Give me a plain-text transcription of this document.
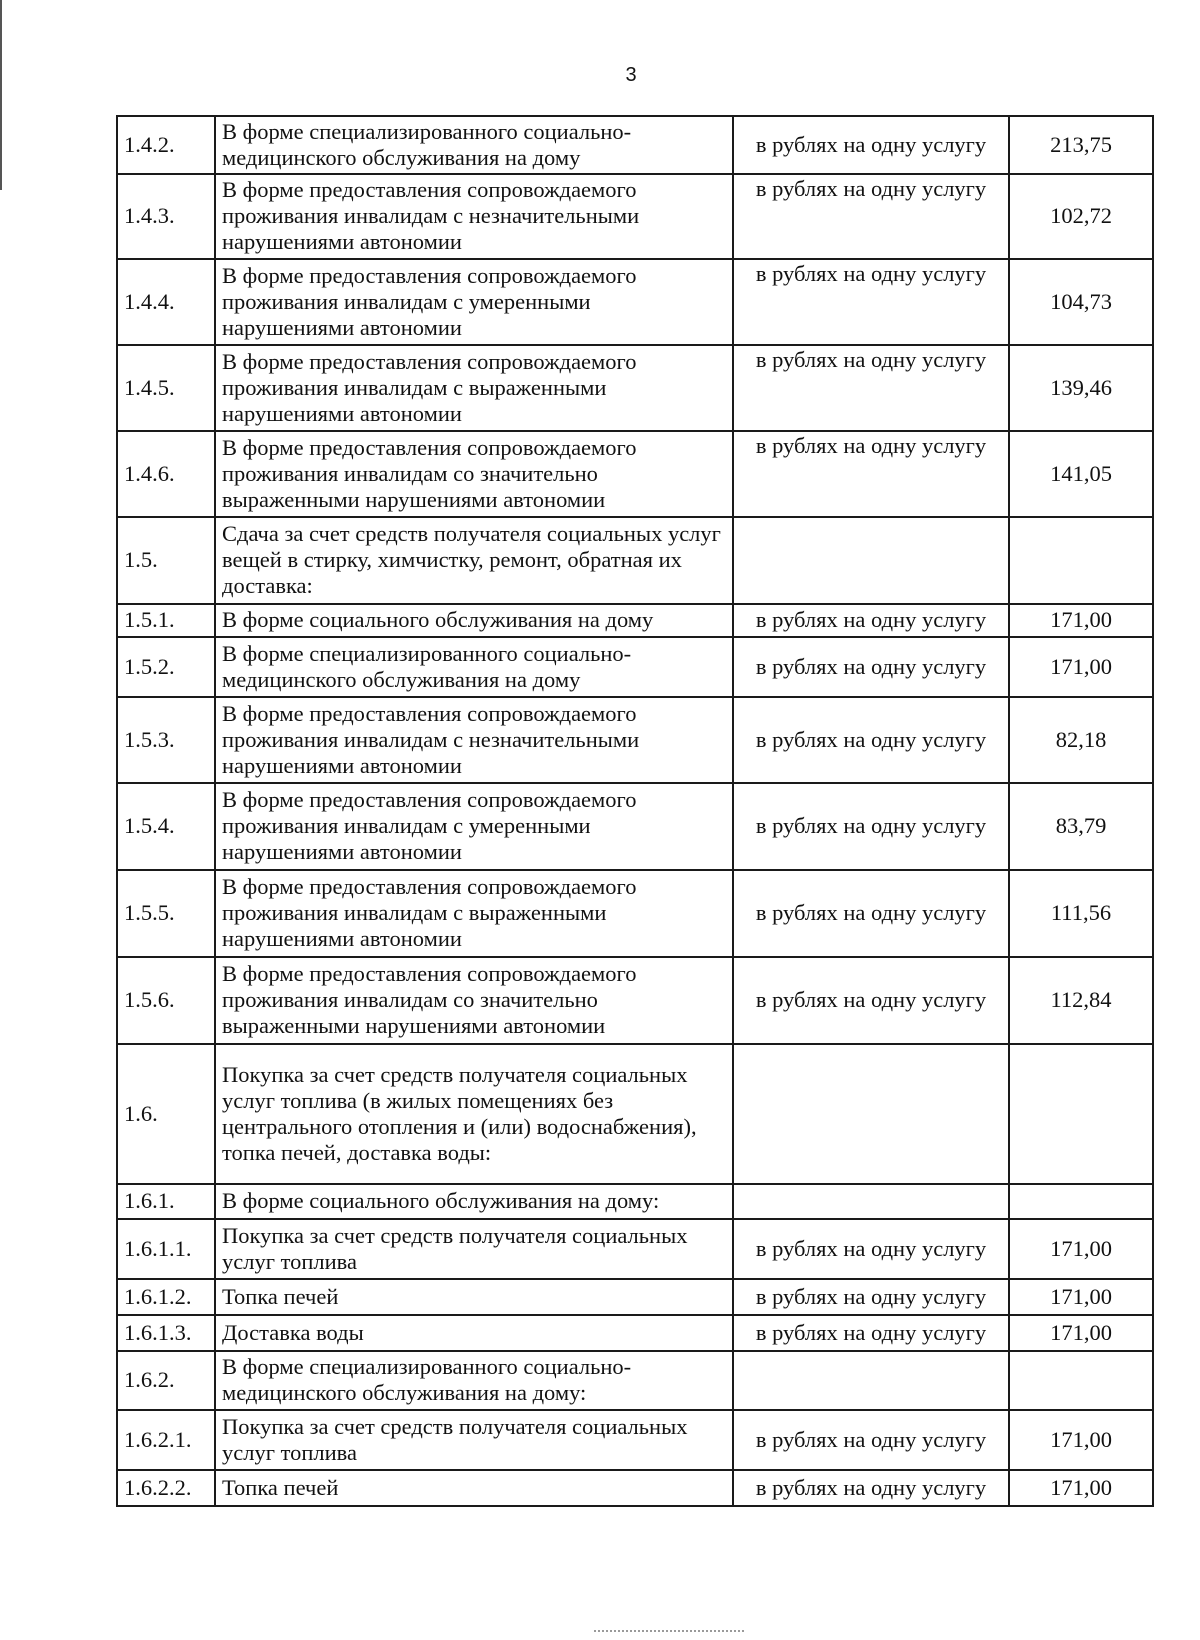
3
1.4.2.	В форме специализированного социально-медицинского обслуживания на дому	в рублях на одну услугу	213,75
1.4.3.	В форме предоставления сопровождаемого проживания инвалидам с незначительными нарушениями автономии	в рублях на одну услугу	102,72
1.4.4.	В форме предоставления сопровождаемого проживания инвалидам с умеренными нарушениями автономии	в рублях на одну услугу	104,73
1.4.5.	В форме предоставления сопровождаемого проживания инвалидам с выраженными нарушениями автономии	в рублях на одну услугу	139,46
1.4.6.	В форме предоставления сопровождаемого проживания инвалидам со значительно выраженными нарушениями автономии	в рублях на одну услугу	141,05
1.5.	Сдача за счет средств получателя социальных услуг вещей в стирку, химчистку, ремонт, обратная их доставка:		
1.5.1.	В форме социального обслуживания на дому	в рублях на одну услугу	171,00
1.5.2.	В форме специализированного социально-медицинского обслуживания на дому	в рублях на одну услугу	171,00
1.5.3.	В форме предоставления сопровождаемого проживания инвалидам с незначительными нарушениями автономии	в рублях на одну услугу	82,18
1.5.4.	В форме предоставления сопровождаемого проживания инвалидам с умеренными нарушениями автономии	в рублях на одну услугу	83,79
1.5.5.	В форме предоставления сопровождаемого проживания инвалидам с выраженными нарушениями автономии	в рублях на одну услугу	111,56
1.5.6.	В форме предоставления сопровождаемого проживания инвалидам со значительно выраженными нарушениями автономии	в рублях на одну услугу	112,84
1.6.	Покупка за счет средств получателя социальных услуг топлива (в жилых помещениях без центрального отопления и (или) водоснабжения), топка печей, доставка воды:		
1.6.1.	В форме социального обслуживания на дому:		
1.6.1.1.	Покупка за счет средств получателя социальных услуг топлива	в рублях на одну услугу	171,00
1.6.1.2.	Топка печей	в рублях на одну услугу	171,00
1.6.1.3.	Доставка воды	в рублях на одну услугу	171,00
1.6.2.	В форме специализированного социально-медицинского обслуживания на дому:		
1.6.2.1.	Покупка за счет средств получателя социальных услуг топлива	в рублях на одну услугу	171,00
1.6.2.2.	Топка печей	в рублях на одну услугу	171,00
